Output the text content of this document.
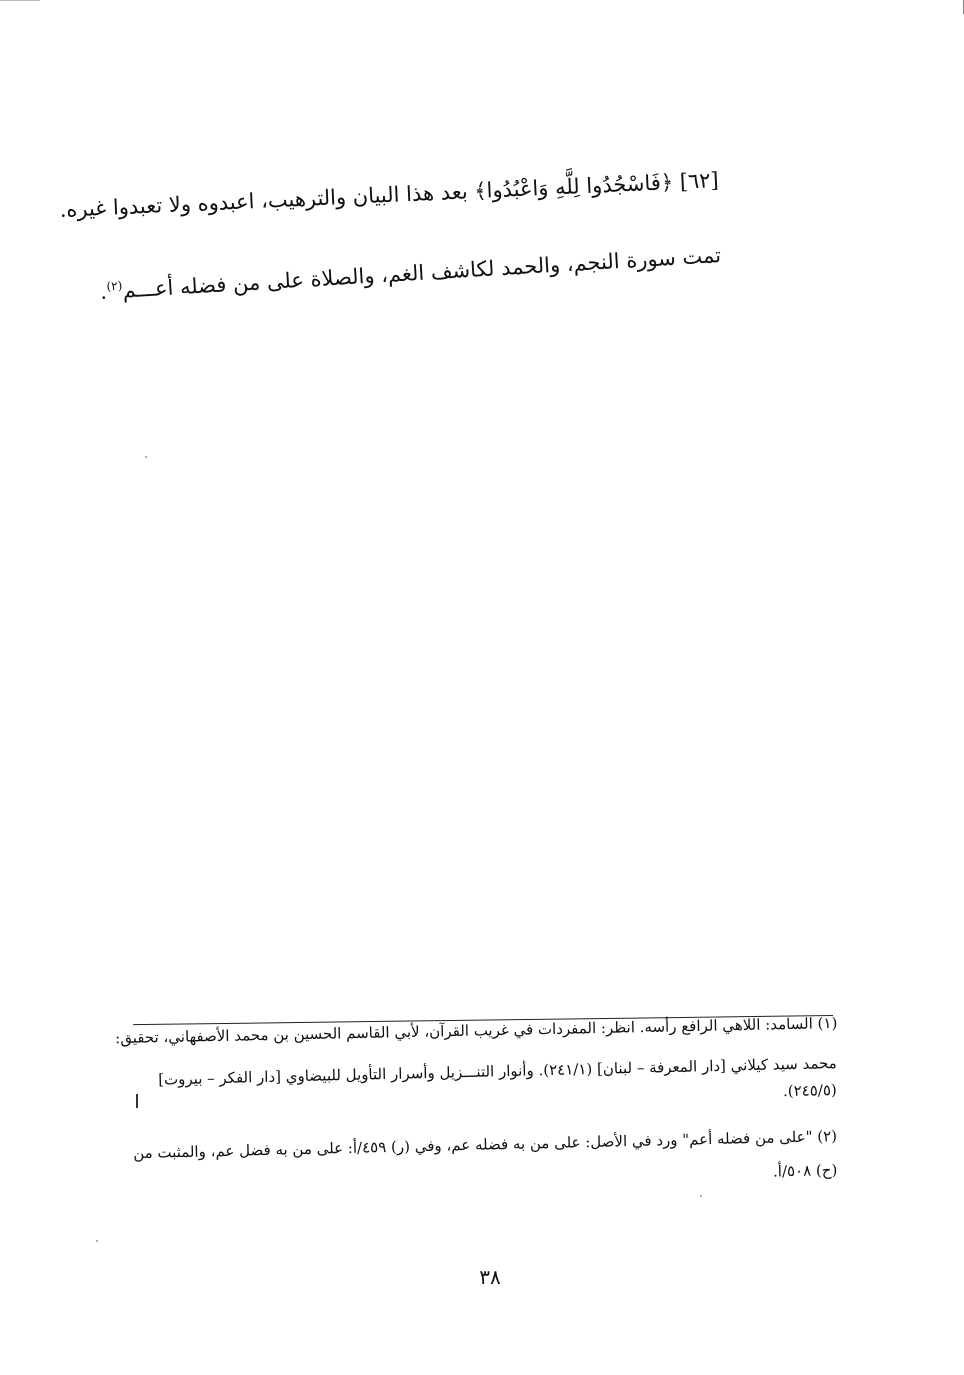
[٦٢] ﴿فَاسْجُدُوا لِلَّهِ وَاعْبُدُوا﴾ بعد هذا البيان والترهيب، اعبدوه ولا تعبدوا غيره.
تمت سورة النجم، والحمد لكاشف الغم، والصلاة على من فضله أعـــم$^{(٢)}$.
(١) السامد: اللاهي الرافع رأسه. انظر: المفردات في غريب القرآن، لأبي القاسم الحسين بن محمد الأصفهاني، تحقيق:
محمد سيد كيلاني [دار المعرفة – لبنان] (٢٤١/١). وأنوار التنـــزيل وأسرار التأويل للبيضاوي [دار الفكر – بيروت]
(٢٤٥/٥).
(٢) "على من فضله أعم" ورد في الأصل: على من به فضله عم، وفي (ر) ٤٥٩/أ: على من به فضل عم، والمثبت من
(ح) ٥٠٨/أ.
٣٨
